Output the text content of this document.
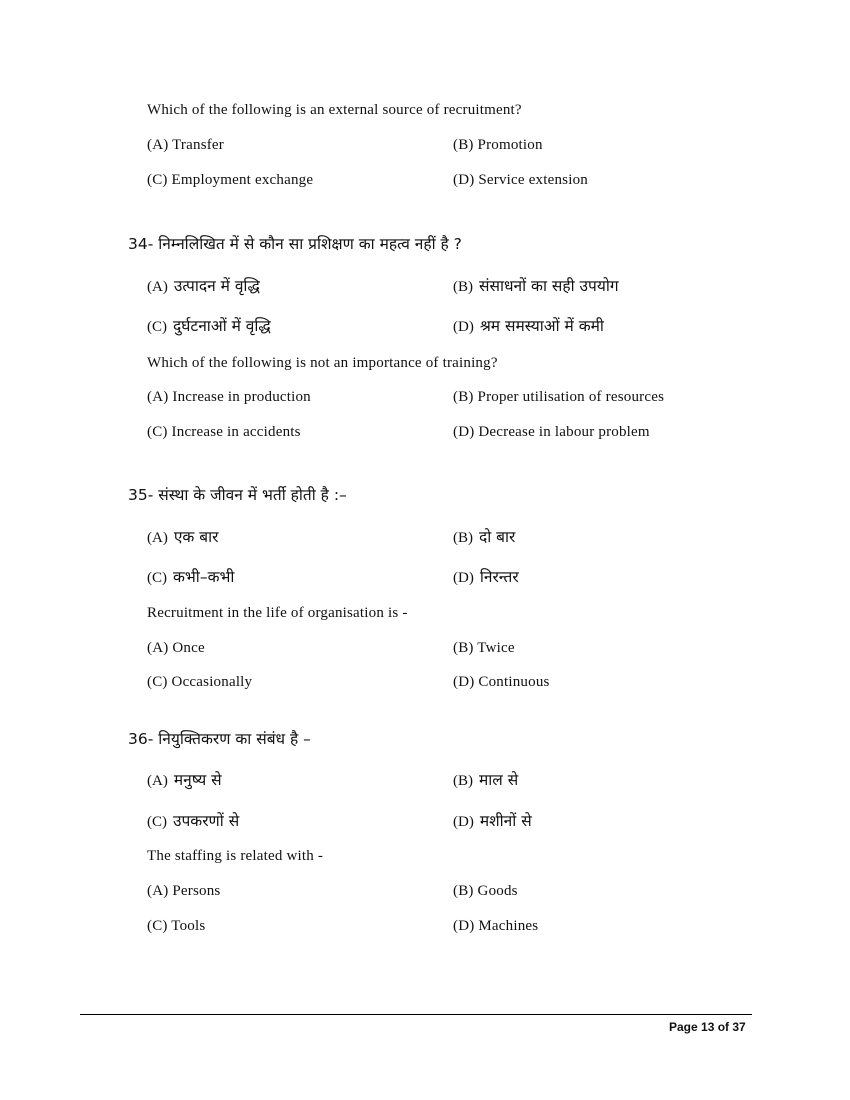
Which of the following is an external source of recruitment?
(A) Transfer	(B) Promotion
(C) Employment exchange	(D) Service extension
34- निम्नलिखित में से कौन सा प्रशिक्षण का महत्व नहीं है ?
(A) उत्पादन में वृद्धि	(B) संसाधनों का सही उपयोग
(C) दुर्घटनाओं में वृद्धि	(D) श्रम समस्याओं में कमी
Which of the following is not an importance of training?
(A) Increase in production	(B) Proper utilisation of resources
(C) Increase in accidents	(D) Decrease in labour problem
35- संस्था के जीवन में भर्ती होती है :–
(A) एक बार	(B) दो बार
(C) कभी–कभी	(D) निरन्तर
Recruitment in the life of organisation is -
(A) Once	(B) Twice
(C) Occasionally	(D) Continuous
36- नियुक्तिकरण का संबंध है –
(A) मनुष्य से	(B) माल से
(C) उपकरणों से	(D) मशीनों से
The staffing is related with -
(A) Persons	(B) Goods
(C) Tools	(D) Machines
Page 13 of 37
